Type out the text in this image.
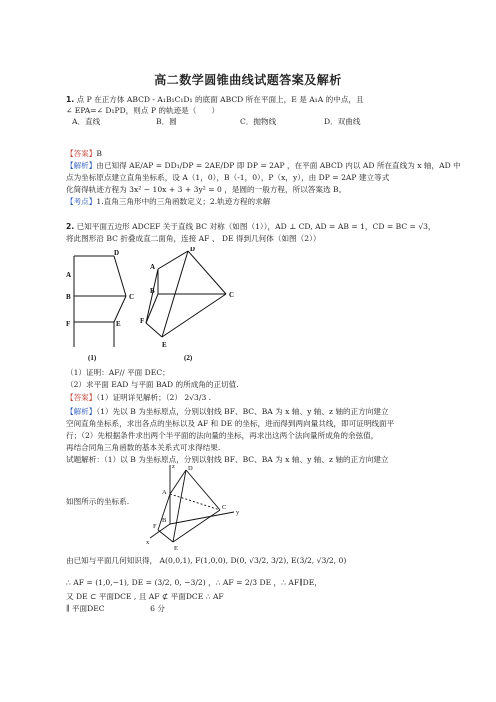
高二数学圆锥曲线试题答案及解析
1. 点 P 在正方体 ABCD - A₁B₁C₁D₁ 的底面 ABCD 所在平面上，E 是 A₁A 的中点，且
∠ EPA=∠ D₁PD，则点 P 的轨迹是（　　）
A．直线	B．圆	C．抛物线	D．双曲线
【答案】B
【解析】由已知得 AE/AP = DD₁/DP = 2AE/DP 即 DP = 2AP ，在平面 ABCD 内以 AD 所在直线为 x 轴，AD 中
点为坐标原点建立直角坐标系，设 A（1，0），B（-1，0），P（x，y），由 DP = 2AP 建立等式
化简得轨迹方程为 3x² − 10x + 3 + 3y² = 0 ，是圆的一般方程，所以答案选 B。
【考点】1.直角三角形中的三角函数定义；2.轨迹方程的求解
2. 已知平面五边形 ADCEF 关于直线 BC 对称（如图（1）），AD ⊥ CD, AD = AB = 1，CD = BC = √3，
将此图形沿 BC 折叠成直二面角，连接 AF 、 DE 得到几何体（如图（2））
D
A
B	C
F	E
(1)
D
A
B	C
F
E
(2)
（1）证明：AF// 平面 DEC；
（2）求平面 EAD 与平面 BAD 的所成角的正切值.
【答案】（1）证明详见解析；（2） 2√3/3 .
【解析】（1）先以 B 为坐标原点，分别以射线 BF、BC、BA 为 x 轴、y 轴、z 轴的正方向建立
空间直角坐标系，求出各点的坐标以及 AF 和 DE 的坐标，进而得到两向量共线，即可证明线面平
行；（2）先根据条件求出两个半平面的法向量的坐标，再求出这两个法向量所成角的余弦值，
再结合同角三角函数的基本关系式可求得结果.
试题解析：（1）以 B 为坐标原点，分别以射线 BF、BC、BA 为 x 轴、y 轴、z 轴的正方向建立
如图所示的坐标系.
z D
A
B
C
y
F
x
E
由已知与平面几何知识得， A(0,0,1), F(1,0,0), D(0, √3/2, 3/2), E(3/2, √3/2, 0)
∴ AF = (1,0,−1), DE = (3/2, 0, −3/2) ，∴ AF = 2/3 DE ，∴ AF∥DE，
又 DE ⊂ 平面DCE , 且 AF ⊄ 平面DCE ∴ AF
∥ 平面DEC　　　　　　6 分
